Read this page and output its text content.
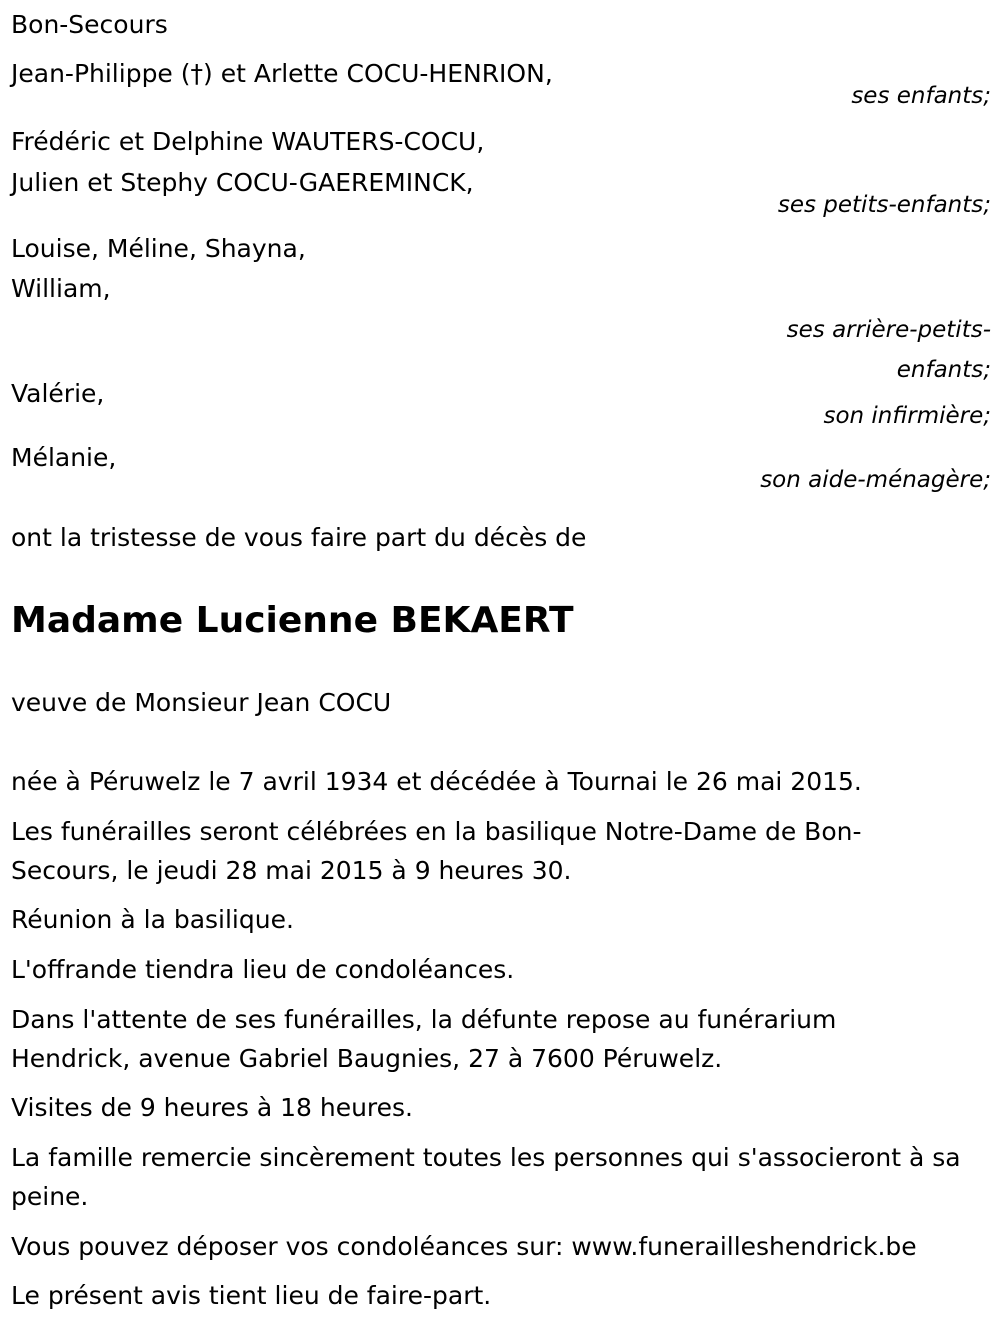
Bon-Secours

Jean-Philippe (†) et Arlette COCU-HENRION,

ses enfants;

Frédéric et Delphine WAUTERS-COCU,

Julien et Stephy COCU-GAEREMINCK,

ses petits-enfants;

Louise, Méline, Shayna,

William,

ses arrière-petits-

enfants;

Valérie,

son infirmière;

Mélanie,

son aide-ménagère;

ont la tristesse de vous faire part du décès de

Madame Lucienne BEKAERT

veuve de Monsieur Jean COCU

née à Péruwelz le 7 avril 1934 et décédée à Tournai le 26 mai 2015.

Les funérailles seront célébrées en la basilique Notre-Dame de Bon-Secours, le jeudi 28 mai 2015 à 9 heures 30.

Réunion à la basilique.

L'offrande tiendra lieu de condoléances.

Dans l'attente de ses funérailles, la défunte repose au funérarium Hendrick, avenue Gabriel Baugnies, 27 à 7600 Péruwelz.

Visites de 9 heures à 18 heures.

La famille remercie sincèrement toutes les personnes qui s'associeront à sa peine.

Vous pouvez déposer vos condoléances sur: www.funerailleshendrick.be

Le présent avis tient lieu de faire-part.
